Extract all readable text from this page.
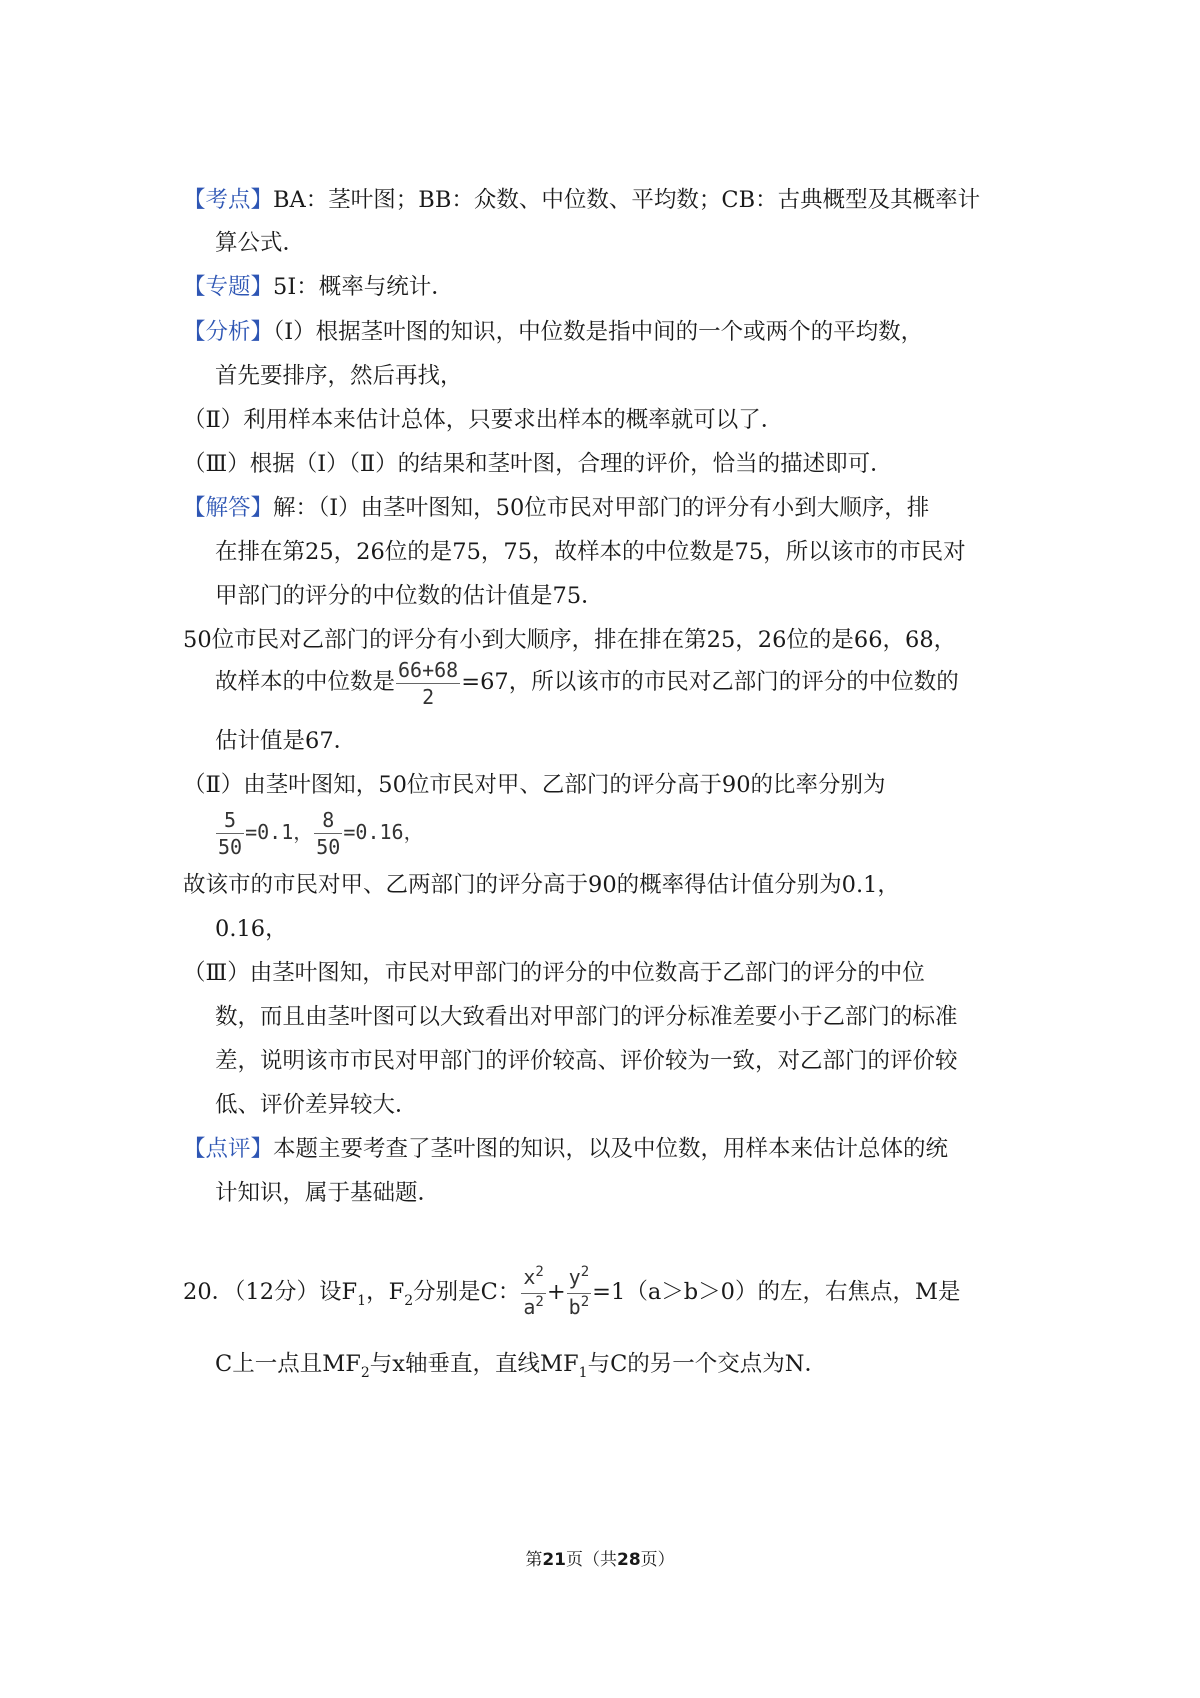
【考点】BA：茎叶图；BB：众数、中位数、平均数；CB：古典概型及其概率计
算公式．
【专题】5I：概率与统计．
【分析】（Ⅰ）根据茎叶图的知识，中位数是指中间的一个或两个的平均数，
首先要排序，然后再找，
（Ⅱ）利用样本来估计总体，只要求出样本的概率就可以了．
（Ⅲ）根据（Ⅰ）（Ⅱ）的结果和茎叶图，合理的评价，恰当的描述即可．
【解答】解：（Ⅰ）由茎叶图知，50位市民对甲部门的评分有小到大顺序，排
在排在第25，26位的是75，75，故样本的中位数是75，所以该市的市民对
甲部门的评分的中位数的估计值是75．
50位市民对乙部门的评分有小到大顺序，排在排在第25，26位的是66，68，
故样本的中位数是 $\frac{66+68}{2} =67$，所以该市的市民对乙部门的评分的中位数的
估计值是67．
（Ⅱ）由茎叶图知，50位市民对甲、乙部门的评分高于90的比率分别为
$\frac{5}{50} =0.1$， $\frac{8}{50} =0.16$，
故该市的市民对甲、乙两部门的评分高于90的概率得估计值分别为0.1，
0.16，
（Ⅲ）由茎叶图知，市民对甲部门的评分的中位数高于乙部门的评分的中位
数，而且由茎叶图可以大致看出对甲部门的评分标准差要小于乙部门的标准
差，说明该市市民对甲部门的评价较高、评价较为一致，对乙部门的评价较
低、评价差异较大．
【点评】本题主要考查了茎叶图的知识，以及中位数，用样本来估计总体的统
计知识，属于基础题．
20．（12分）设$F_1$，$F_2$分别是C： $\frac{x^2}{a^2} + \frac{y^2}{b^2} =1(a>b>0)$的左，右焦点，M是
C上一点且$MF_2$与x轴垂直，直线$MF_1$与C的另一个交点为N．
第21页（共28页）
